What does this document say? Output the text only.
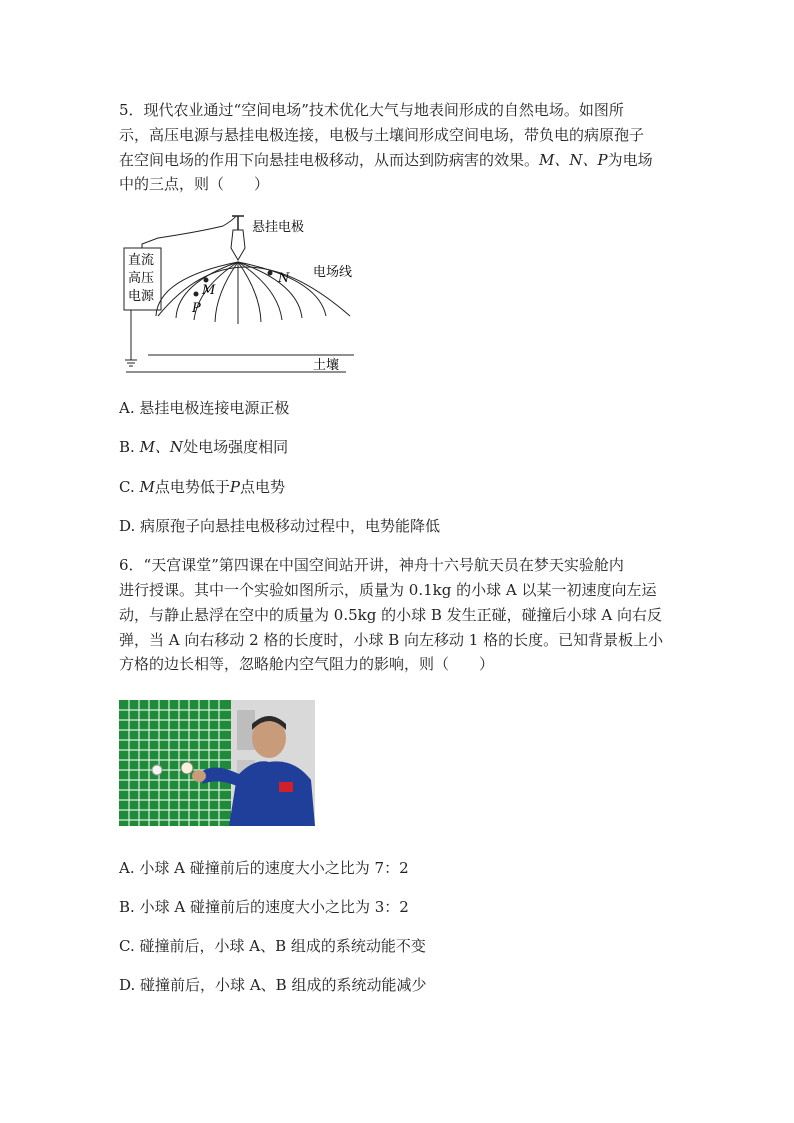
5．现代农业通过“空间电场”技术优化大气与地表间形成的自然电场。如图所
示，高压电源与悬挂电极连接，电极与土壤间形成空间电场，带负电的病原孢子
在空间电场的作用下向悬挂电极移动，从而达到防病害的效果。M、N、P为电场
中的三点，则（　　）
直流
高压
电源
悬挂电极
电场线
M
N
P
土壤
A. 悬挂电极连接电源正极
B. M、N处电场强度相同
C. M点电势低于P点电势
D. 病原孢子向悬挂电极移动过程中，电势能降低
6．“天宫课堂”第四课在中国空间站开讲，神舟十六号航天员在梦天实验舱内
进行授课。其中一个实验如图所示，质量为 0.1kg 的小球 A 以某一初速度向左运
动，与静止悬浮在空中的质量为 0.5kg 的小球 B 发生正碰，碰撞后小球 A 向右反
弹，当 A 向右移动 2 格的长度时，小球 B 向左移动 1 格的长度。已知背景板上小
方格的边长相等，忽略舱内空气阻力的影响，则（　　）
A. 小球 A 碰撞前后的速度大小之比为 7：2
B. 小球 A 碰撞前后的速度大小之比为 3：2
C. 碰撞前后，小球 A、B 组成的系统动能不变
D. 碰撞前后，小球 A、B 组成的系统动能减少
